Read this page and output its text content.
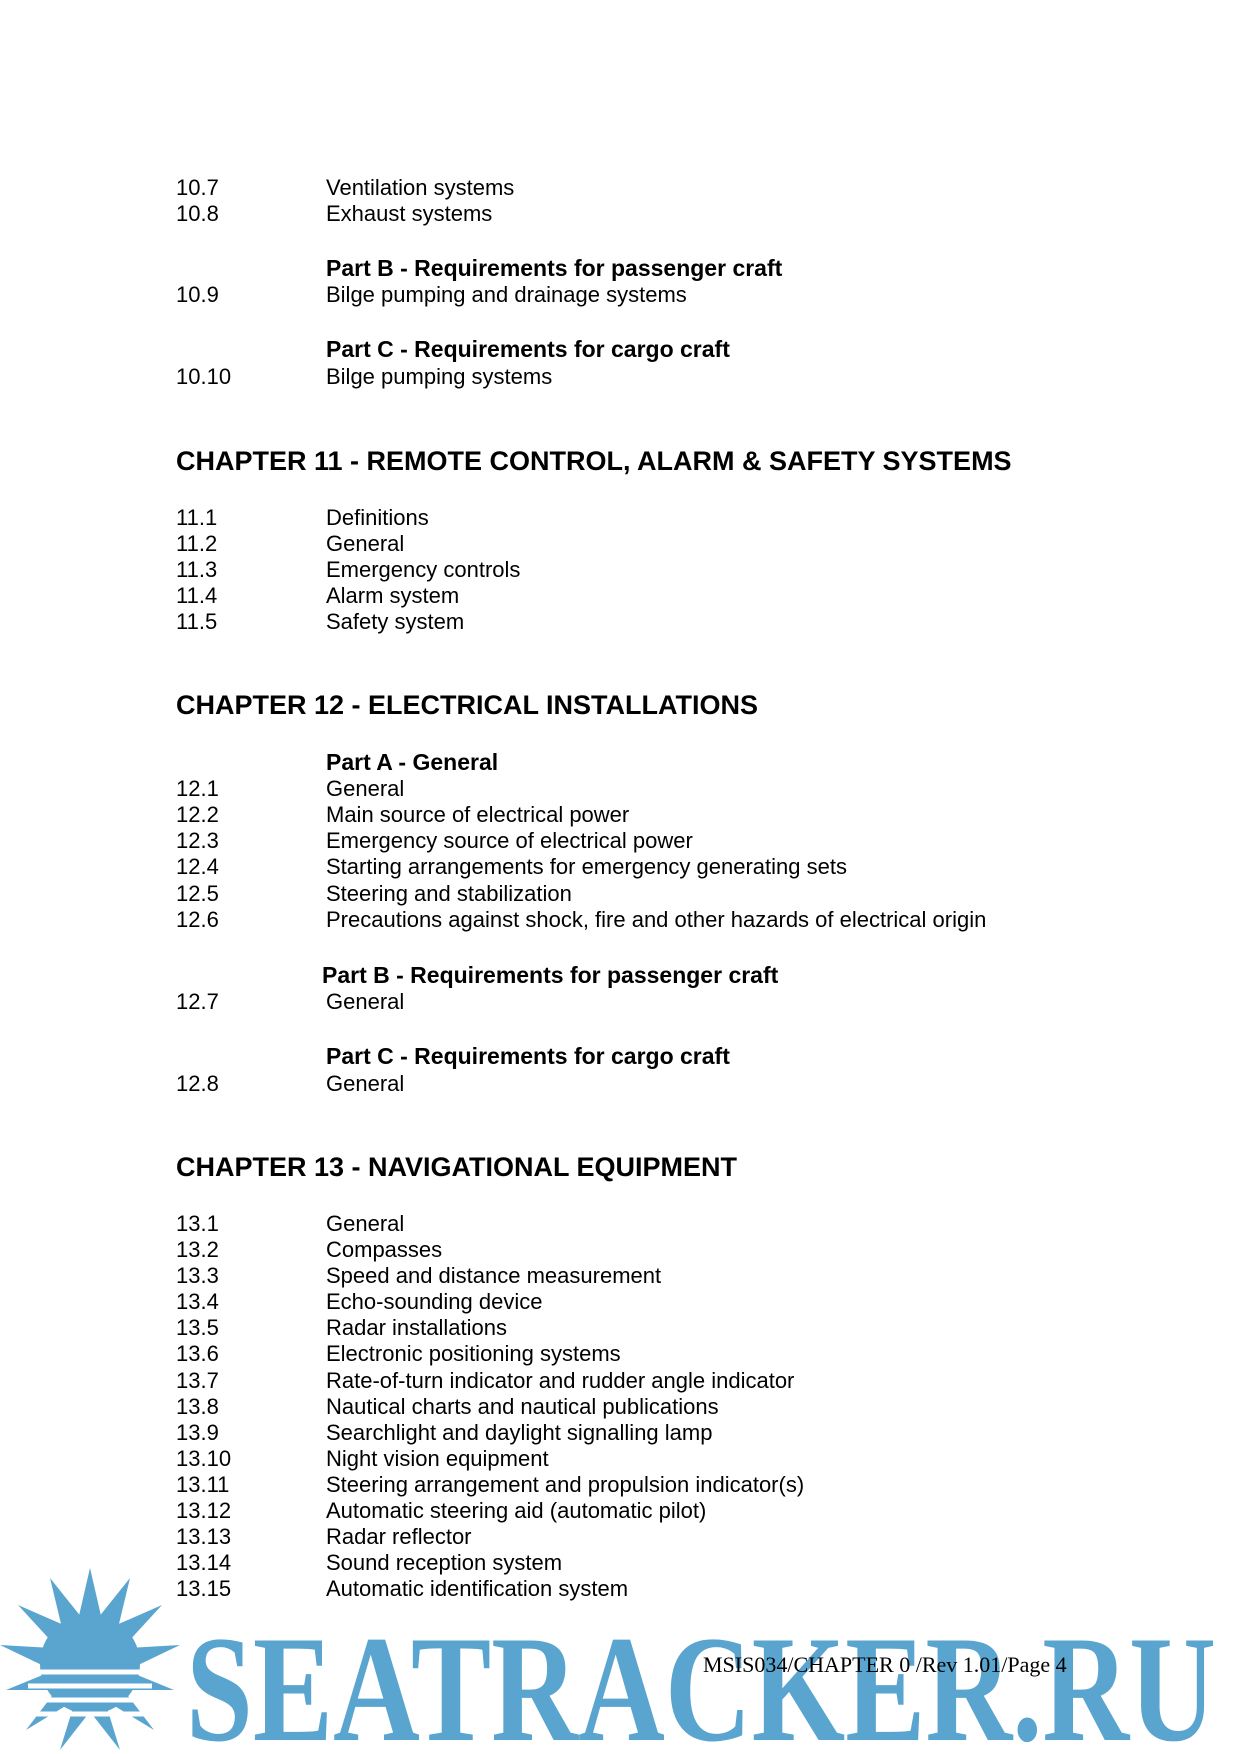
10.7	Ventilation systems
10.8	Exhaust systems
Part B - Requirements for passenger craft
10.9	Bilge pumping and drainage systems
Part C - Requirements for cargo craft
10.10	Bilge pumping systems
CHAPTER 11 - REMOTE CONTROL, ALARM & SAFETY SYSTEMS
11.1	Definitions
11.2	General
11.3	Emergency controls
11.4	Alarm system
11.5	Safety system
CHAPTER 12 - ELECTRICAL INSTALLATIONS
Part A - General
12.1	General
12.2	Main source of electrical power
12.3	Emergency source of electrical power
12.4	Starting arrangements for emergency generating sets
12.5	Steering and stabilization
12.6	Precautions against shock, fire and other hazards of electrical origin
Part B - Requirements for passenger craft
12.7	General
Part C - Requirements for cargo craft
12.8	General
CHAPTER 13 - NAVIGATIONAL EQUIPMENT
13.1	General
13.2	Compasses
13.3	Speed and distance measurement
13.4	Echo-sounding device
13.5	Radar installations
13.6	Electronic positioning systems
13.7	Rate-of-turn indicator and rudder angle indicator
13.8	Nautical charts and nautical publications
13.9	Searchlight and daylight signalling lamp
13.10	Night vision equipment
13.11	Steering arrangement and propulsion indicator(s)
13.12	Automatic steering aid (automatic pilot)
13.13	Radar reflector
13.14	Sound reception system
13.15	Automatic identification system
SEATRACKER.RU
MSIS034/CHAPTER 0 /Rev 1.01/Page 4
